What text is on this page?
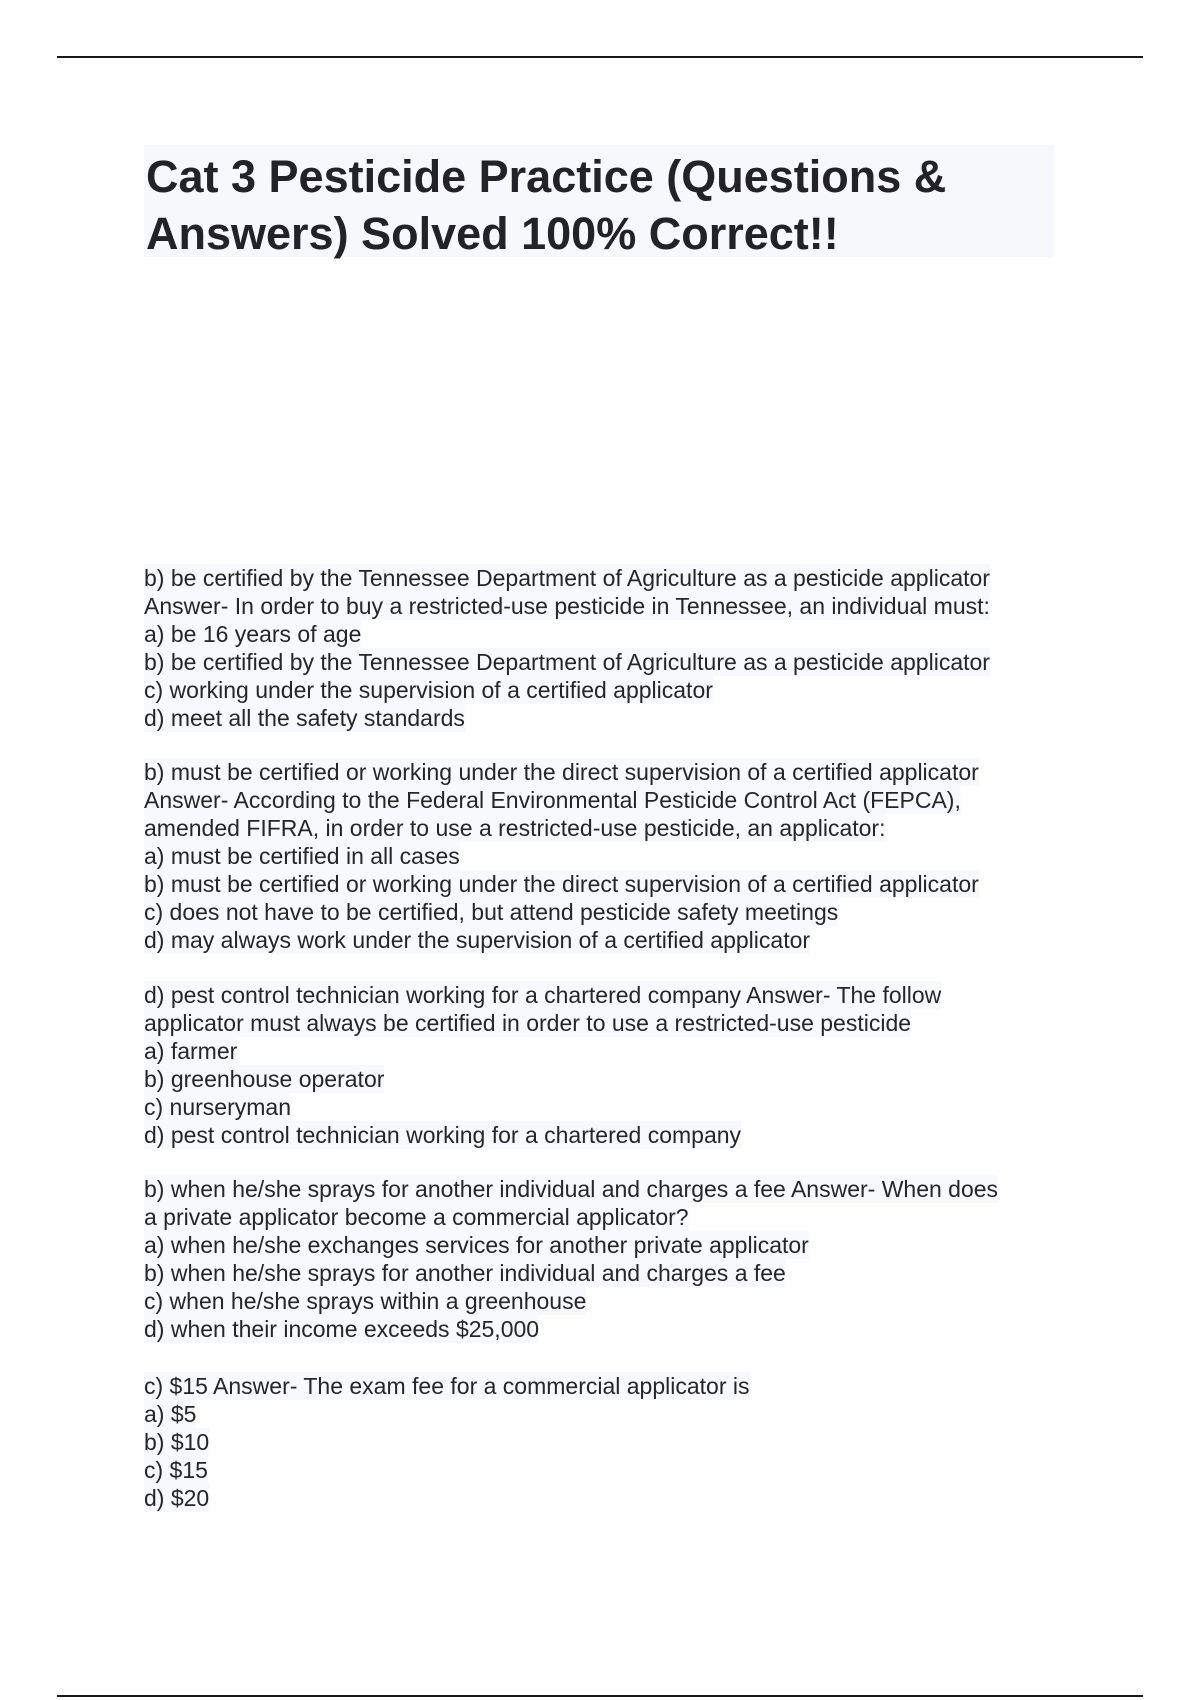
Cat 3 Pesticide Practice (Questions &
Answers) Solved 100% Correct!!
b) be certified by the Tennessee Department of Agriculture as a pesticide applicator
Answer- In order to buy a restricted-use pesticide in Tennessee, an individual must:
a) be 16 years of age
b) be certified by the Tennessee Department of Agriculture as a pesticide applicator
c) working under the supervision of a certified applicator
d) meet all the safety standards
b) must be certified or working under the direct supervision of a certified applicator
Answer- According to the Federal Environmental Pesticide Control Act (FEPCA),
amended FIFRA, in order to use a restricted-use pesticide, an applicator:
a) must be certified in all cases
b) must be certified or working under the direct supervision of a certified applicator
c) does not have to be certified, but attend pesticide safety meetings
d) may always work under the supervision of a certified applicator
d) pest control technician working for a chartered company Answer- The follow
applicator must always be certified in order to use a restricted-use pesticide
a) farmer
b) greenhouse operator
c) nurseryman
d) pest control technician working for a chartered company
b) when he/she sprays for another individual and charges a fee Answer- When does
a private applicator become a commercial applicator?
a) when he/she exchanges services for another private applicator
b) when he/she sprays for another individual and charges a fee
c) when he/she sprays within a greenhouse
d) when their income exceeds $25,000
c) $15 Answer- The exam fee for a commercial applicator is
a) $5
b) $10
c) $15
d) $20
